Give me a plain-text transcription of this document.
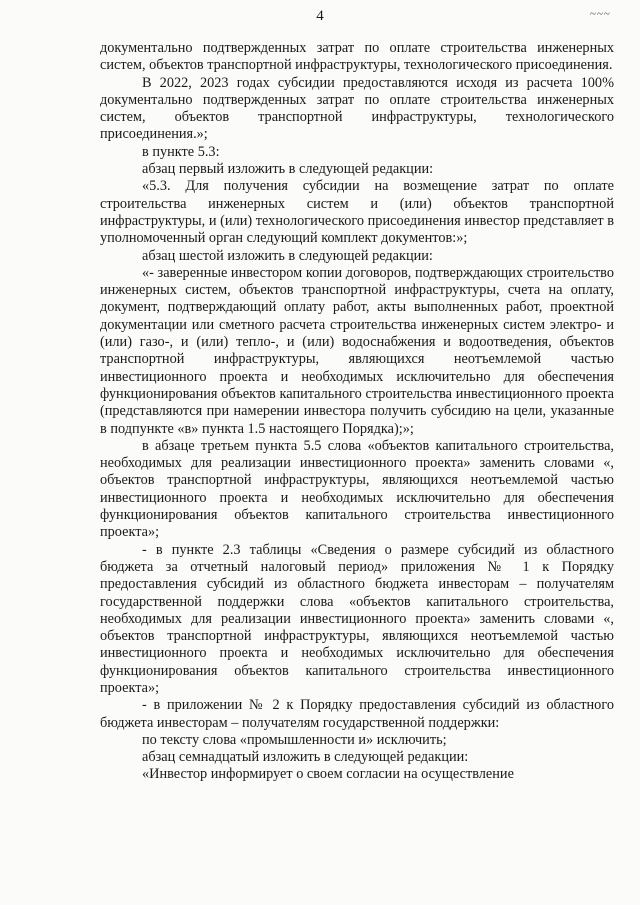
4	~~~

документально подтвержденных затрат по оплате строительства инженерных систем, объектов транспортной инфраструктуры, технологического присоединения.

В 2022, 2023 годах субсидии предоставляются исходя из расчета 100% документально подтвержденных затрат по оплате строительства инженерных систем, объектов транспортной инфраструктуры, технологического присоединения.»;

в пункте 5.3:

абзац первый изложить в следующей редакции:

«5.3. Для получения субсидии на возмещение затрат по оплате строительства инженерных систем и (или) объектов транспортной инфраструктуры, и (или) технологического присоединения инвестор представляет в уполномоченный орган следующий комплект документов:»;

абзац шестой изложить в следующей редакции:

«- заверенные инвестором копии договоров, подтверждающих строительство инженерных систем, объектов транспортной инфраструктуры, счета на оплату, документ, подтверждающий оплату работ, акты выполненных работ, проектной документации или сметного расчета строительства инженерных систем электро- и (или) газо-, и (или) тепло-, и (или) водоснабжения и водоотведения, объектов транспортной инфраструктуры, являющихся неотъемлемой частью инвестиционного проекта и необходимых исключительно для обеспечения функционирования объектов капитального строительства инвестиционного проекта (представляются при намерении инвестора получить субсидию на цели, указанные в подпункте «в» пункта 1.5 настоящего Порядка);»;

в абзаце третьем пункта 5.5 слова «объектов капитального строительства, необходимых для реализации инвестиционного проекта» заменить словами «, объектов транспортной инфраструктуры, являющихся неотъемлемой частью инвестиционного проекта и необходимых исключительно для обеспечения функционирования объектов капитального строительства инвестиционного проекта»;

- в пункте 2.3 таблицы «Сведения о размере субсидий из областного бюджета за отчетный налоговый период» приложения № 1 к Порядку предоставления субсидий из областного бюджета инвесторам – получателям государственной поддержки слова «объектов капитального строительства, необходимых для реализации инвестиционного проекта» заменить словами «, объектов транспортной инфраструктуры, являющихся неотъемлемой частью инвестиционного проекта и необходимых исключительно для обеспечения функционирования объектов капитального строительства инвестиционного проекта»;

- в приложении № 2 к Порядку предоставления субсидий из областного бюджета инвесторам – получателям государственной поддержки:

по тексту слова «промышленности и» исключить;

абзац семнадцатый изложить в следующей редакции:

«Инвестор информирует о своем согласии на осуществление
